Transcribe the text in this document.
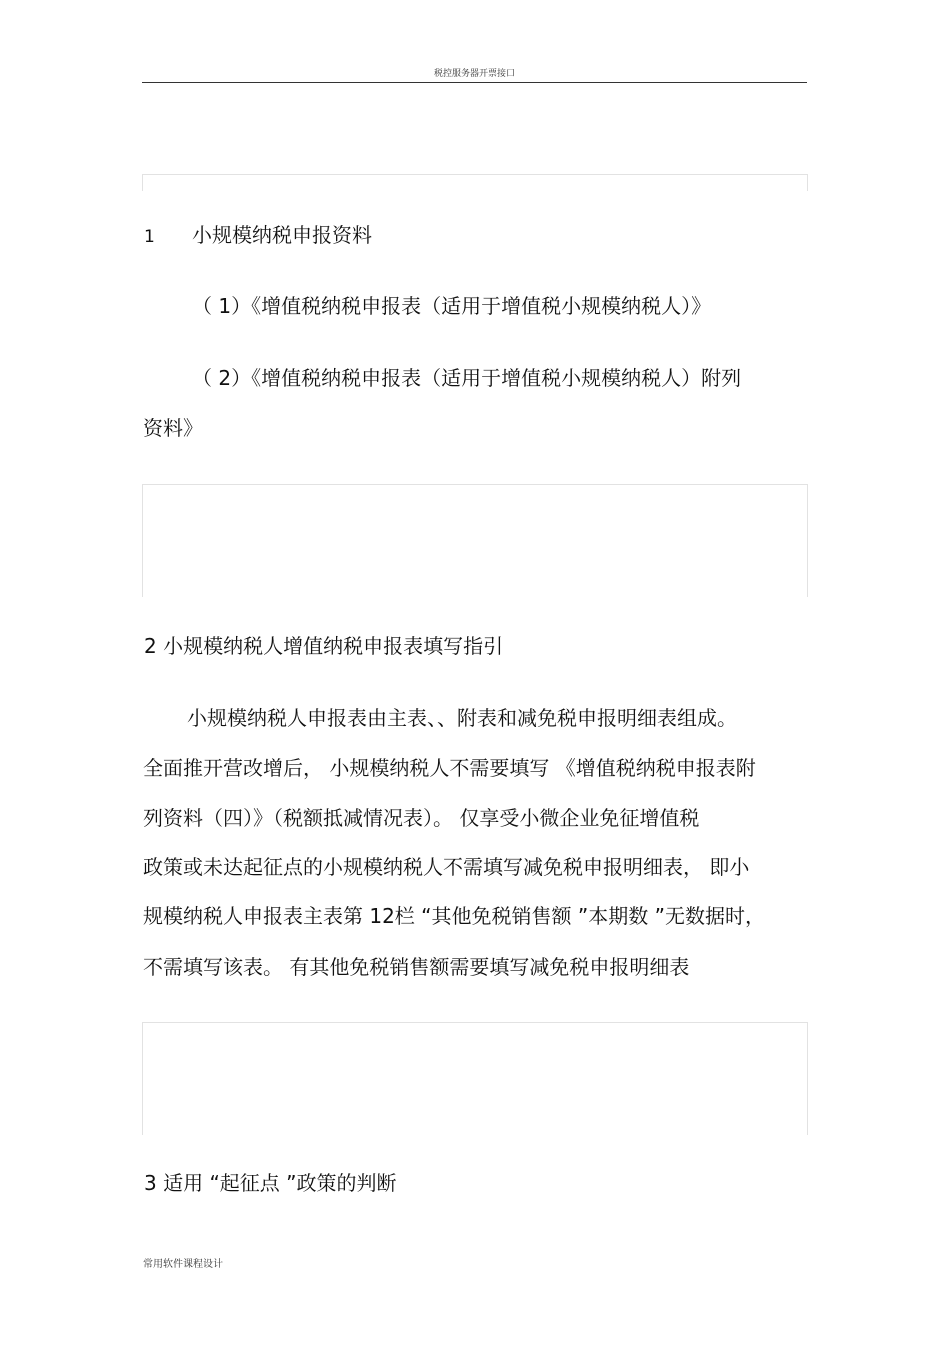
税控服务器开票接口
1 小规模纳税申报资料
（ 1）《增值税纳税申报表（适用于增值税小规模纳税人）》
（ 2）《增值税纳税申报表（适用于增值税小规模纳税人）附列
资料》
2 小规模纳税人增值纳税申报表填写指引
小规模纳税人申报表由主表、、附表和减免税申报明细表组成。
全面推开营改增后， 小规模纳税人不需要填写 《增值税纳税申报表附
列资料（四）》（税额抵减情况表）。 仅享受小微企业免征增值税
政策或未达起征点的小规模纳税人不需填写减免税申报明细表， 即小
规模纳税人申报表主表第 12栏 “其他免税销售额 ”本期数 ”无数据时，
不需填写该表。 有其他免税销售额需要填写减免税申报明细表
3 适用 “起征点 ”政策的判断
常用软件课程设计
